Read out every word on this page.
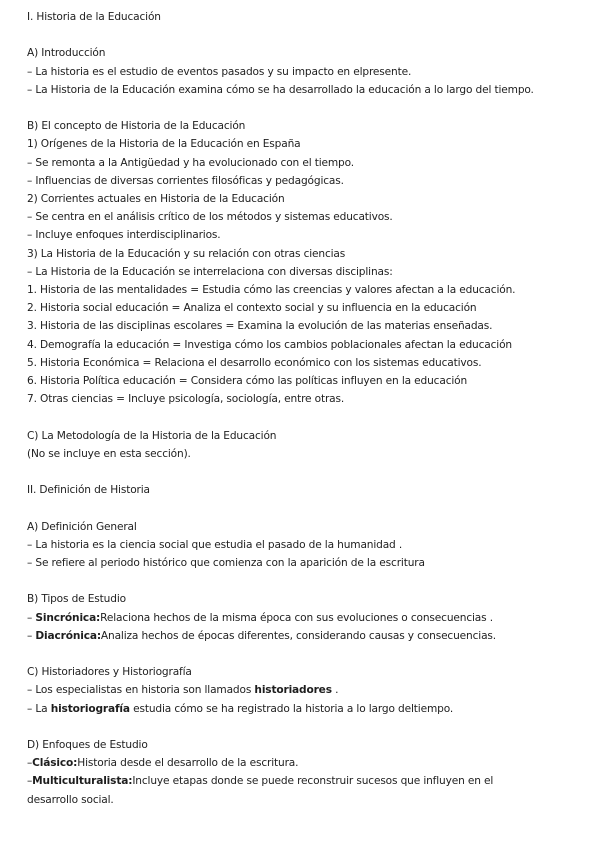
I. Historia de la Educación
A) Introducción
– La historia es el estudio de eventos pasados y su impacto en elpresente.
– La Historia de la Educación examina cómo se ha desarrollado la educación a lo largo del tiempo.
B) El concepto de Historia de la Educación
1) Orígenes de la Historia de la Educación en España
– Se remonta a la Antigüedad y ha evolucionado con el tiempo.
– Influencias de diversas corrientes filosóficas y pedagógicas.
2) Corrientes actuales en Historia de la Educación
– Se centra en el análisis crítico de los métodos y sistemas educativos.
– Incluye enfoques interdisciplinarios.
3) La Historia de la Educación y su relación con otras ciencias
– La Historia de la Educación se interrelaciona con diversas disciplinas:
1. Historia de las mentalidades = Estudia cómo las creencias y valores afectan a la educación.
2. Historia social educación = Analiza el contexto social y su influencia en la educación
3. Historia de las disciplinas escolares = Examina la evolución de las materias enseñadas.
4. Demografía la educación = Investiga cómo los cambios poblacionales afectan la educación
5. Historia Económica = Relaciona el desarrollo económico con los sistemas educativos.
6. Historia Política educación = Considera cómo las políticas influyen en la educación
7. Otras ciencias = Incluye psicología, sociología, entre otras.
C) La Metodología de la Historia de la Educación
(No se incluye en esta sección).
II. Definición de Historia
A) Definición General
– La historia es la ciencia social que estudia el pasado de la humanidad .
– Se refiere al periodo histórico que comienza con la aparición de la escritura
B) Tipos de Estudio
– Sincrónica:Relaciona hechos de la misma época con sus evoluciones o consecuencias .
– Diacrónica:Analiza hechos de épocas diferentes, considerando causas y consecuencias.
C) Historiadores y Historiografía
– Los especialistas en historia son llamados historiadores .
– La historiografía estudia cómo se ha registrado la historia a lo largo deltiempo.
D) Enfoques de Estudio
–Clásico:Historia desde el desarrollo de la escritura.
–Multiculturalista:Incluye etapas donde se puede reconstruir sucesos que influyen en el desarrollo social.
